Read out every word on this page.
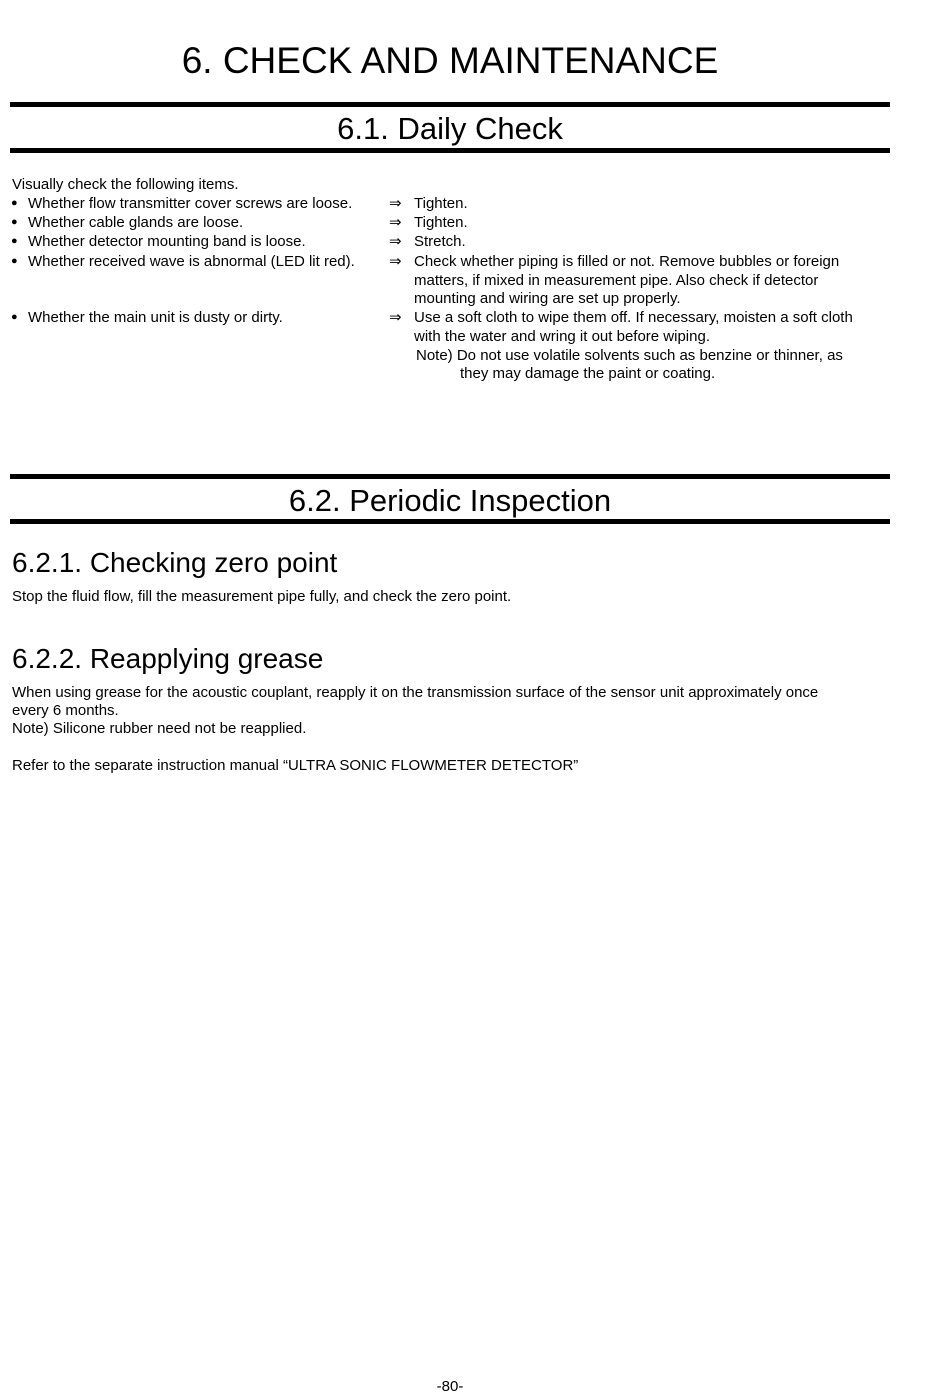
6. CHECK AND MAINTENANCE
6.1. Daily Check
Visually check the following items.
● Whether flow transmitter cover screws are loose. ⇒ Tighten.
● Whether cable glands are loose.	⇒ Tighten.
● Whether detector mounting band is loose.	⇒ Stretch.
● Whether received wave is abnormal (LED lit red). ⇒ Check whether piping is filled or not. Remove bubbles or foreign
matters, if mixed in measurement pipe. Also check if detector
mounting and wiring are set up properly.
● Whether the main unit is dusty or dirty.	⇒ Use a soft cloth to wipe them off. If necessary, moisten a soft cloth
with the water and wring it out before wiping.
Note) Do not use volatile solvents such as benzine or thinner, as
they may damage the paint or coating.
6.2. Periodic Inspection
6.2.1. Checking zero point
Stop the fluid flow, fill the measurement pipe fully, and check the zero point.
6.2.2. Reapplying grease
When using grease for the acoustic couplant, reapply it on the transmission surface of the sensor unit approximately once
every 6 months.
Note) Silicone rubber need not be reapplied.
Refer to the separate instruction manual “ULTRA SONIC FLOWMETER DETECTOR”
-80-
